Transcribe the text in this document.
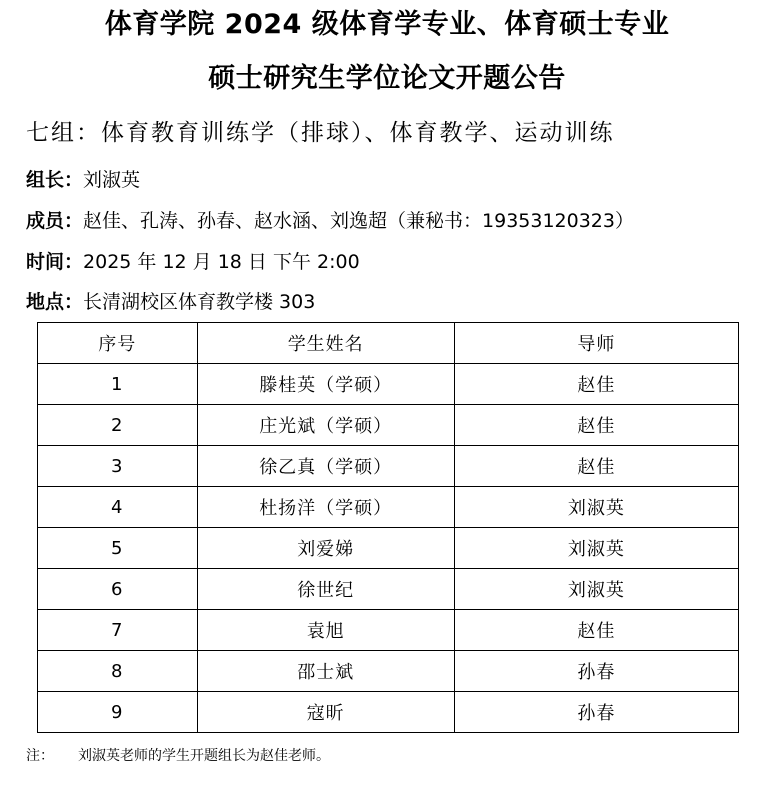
体育学院 2024 级体育学专业、体育硕士专业
硕士研究生学位论文开题公告
七组：体育教育训练学（排球）、体育教学、运动训练
组长：刘淑英
成员：赵佳、孔涛、孙春、赵水涵、刘逸超（兼秘书：19353120323）
时间：2025 年 12 月 18 日 下午 2:00
地点：长清湖校区体育教学楼 303
序号	学生姓名	导师
1	滕桂英（学硕）	赵佳
2	庄光斌（学硕）	赵佳
3	徐乙真（学硕）	赵佳
4	杜扬洋（学硕）	刘淑英
5	刘爱娣	刘淑英
6	徐世纪	刘淑英
7	袁旭	赵佳
8	邵士斌	孙春
9	寇昕	孙春
注： 刘淑英老师的学生开题组长为赵佳老师。
